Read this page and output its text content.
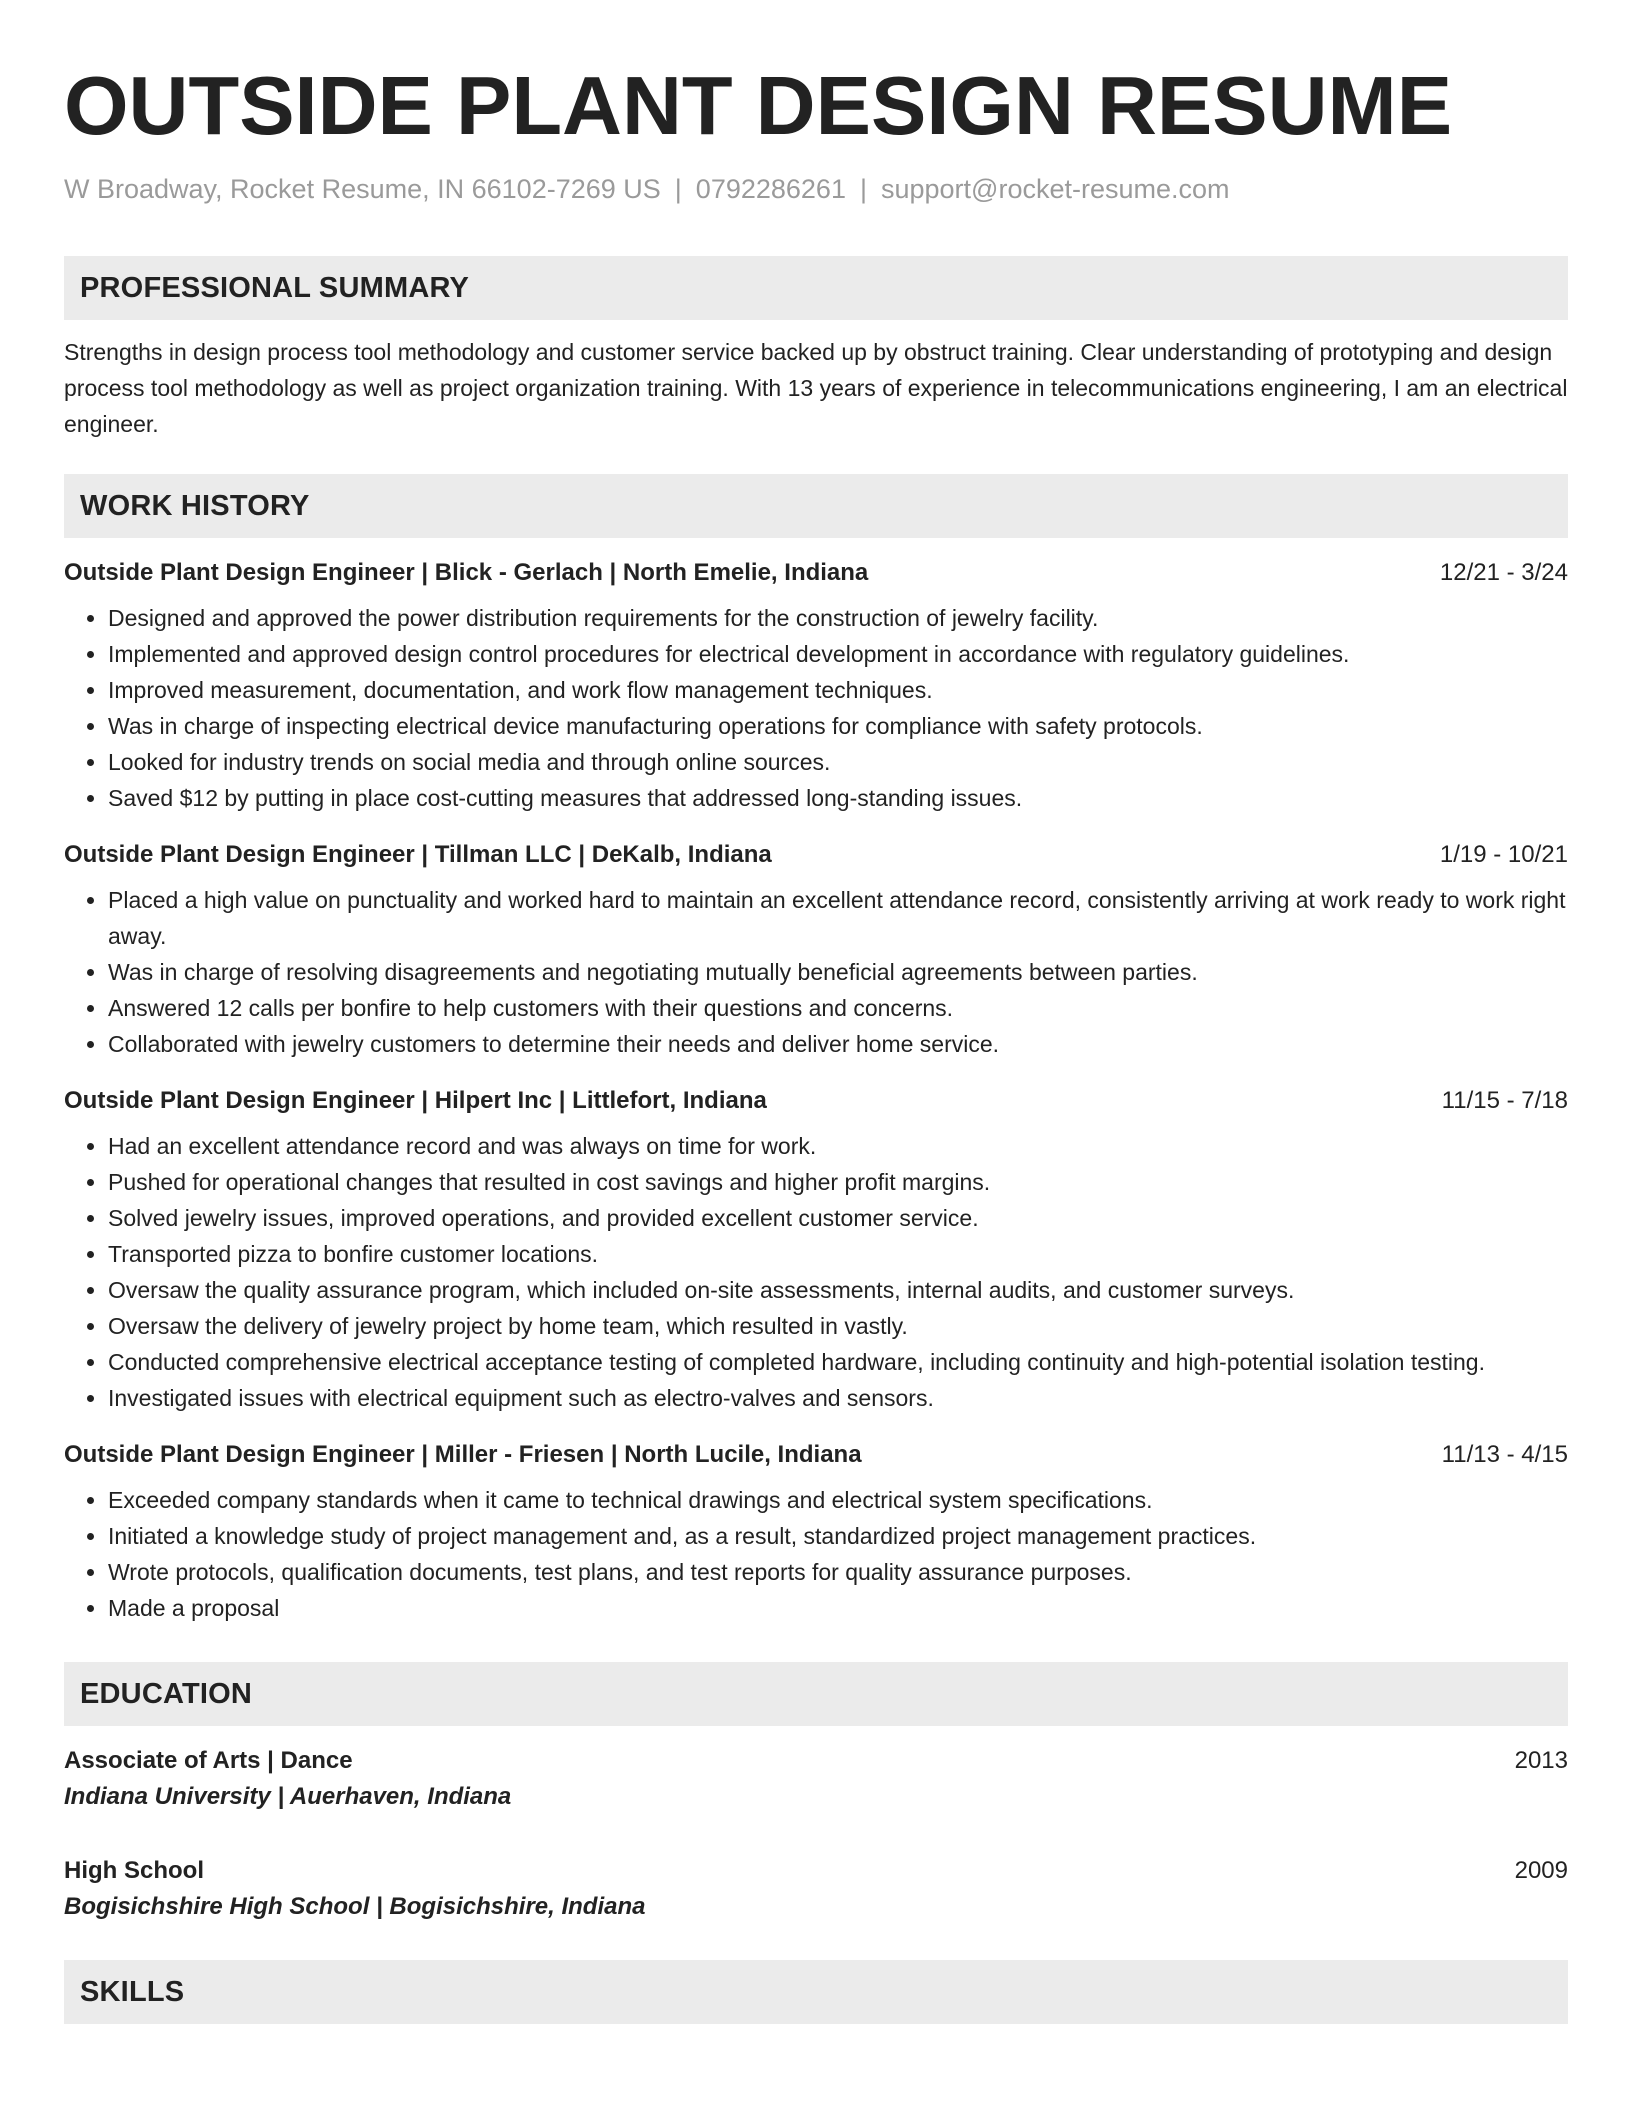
OUTSIDE PLANT DESIGN RESUME
W Broadway, Rocket Resume, IN 66102-7269 US | 0792286261 | support@rocket-resume.com
PROFESSIONAL SUMMARY

Strengths in design process tool methodology and customer service backed up by obstruct training. Clear understanding of prototyping and design process tool methodology as well as project organization training. With 13 years of experience in telecommunications engineering, I am an electrical engineer.

WORK HISTORY
Outside Plant Design Engineer | Blick - Gerlach | North Emelie, Indiana	12/21 - 3/24
• Designed and approved the power distribution requirements for the construction of jewelry facility.
• Implemented and approved design control procedures for electrical development in accordance with regulatory guidelines.
• Improved measurement, documentation, and work flow management techniques.
• Was in charge of inspecting electrical device manufacturing operations for compliance with safety protocols.
• Looked for industry trends on social media and through online sources.
• Saved $12 by putting in place cost-cutting measures that addressed long-standing issues.
Outside Plant Design Engineer | Tillman LLC | DeKalb, Indiana	1/19 - 10/21
• Placed a high value on punctuality and worked hard to maintain an excellent attendance record, consistently arriving at work ready to work right away.
• Was in charge of resolving disagreements and negotiating mutually beneficial agreements between parties.
• Answered 12 calls per bonfire to help customers with their questions and concerns.
• Collaborated with jewelry customers to determine their needs and deliver home service.
Outside Plant Design Engineer | Hilpert Inc | Littlefort, Indiana	11/15 - 7/18
• Had an excellent attendance record and was always on time for work.
• Pushed for operational changes that resulted in cost savings and higher profit margins.
• Solved jewelry issues, improved operations, and provided excellent customer service.
• Transported pizza to bonfire customer locations.
• Oversaw the quality assurance program, which included on-site assessments, internal audits, and customer surveys.
• Oversaw the delivery of jewelry project by home team, which resulted in vastly.
• Conducted comprehensive electrical acceptance testing of completed hardware, including continuity and high-potential isolation testing.
• Investigated issues with electrical equipment such as electro-valves and sensors.
Outside Plant Design Engineer | Miller - Friesen | North Lucile, Indiana	11/13 - 4/15
• Exceeded company standards when it came to technical drawings and electrical system specifications.
• Initiated a knowledge study of project management and, as a result, standardized project management practices.
• Wrote protocols, qualification documents, test plans, and test reports for quality assurance purposes.
• Made a proposal
EDUCATION
Associate of Arts | Dance	2013
Indiana University | Auerhaven, Indiana
High School	2009
Bogisichshire High School | Bogisichshire, Indiana
SKILLS
